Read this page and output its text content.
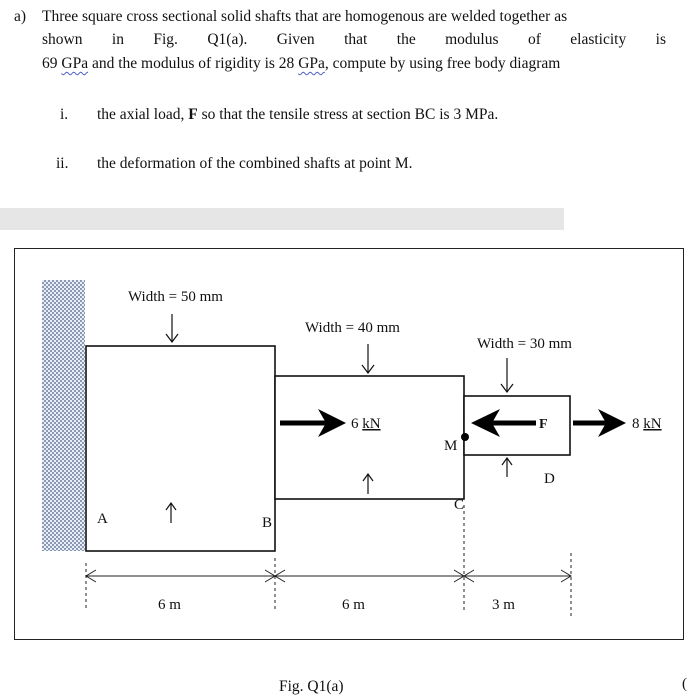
a) Three square cross sectional solid shafts that are homogenous are welded together as
shown in Fig. Q1(a). Given that the modulus of elasticity is
69 GPa and the modulus of rigidity is 28 GPa, compute by using free body diagram
i. the axial load, F so that the tensile stress at section BC is 3 MPa.
ii. the deformation of the combined shafts at point M.
Width = 50 mm
Width = 40 mm
Width = 30 mm
6 kN	F	8 kN
M
A	B
C
D
6 m	6 m	3 m
Fig. Q1(a)	(
